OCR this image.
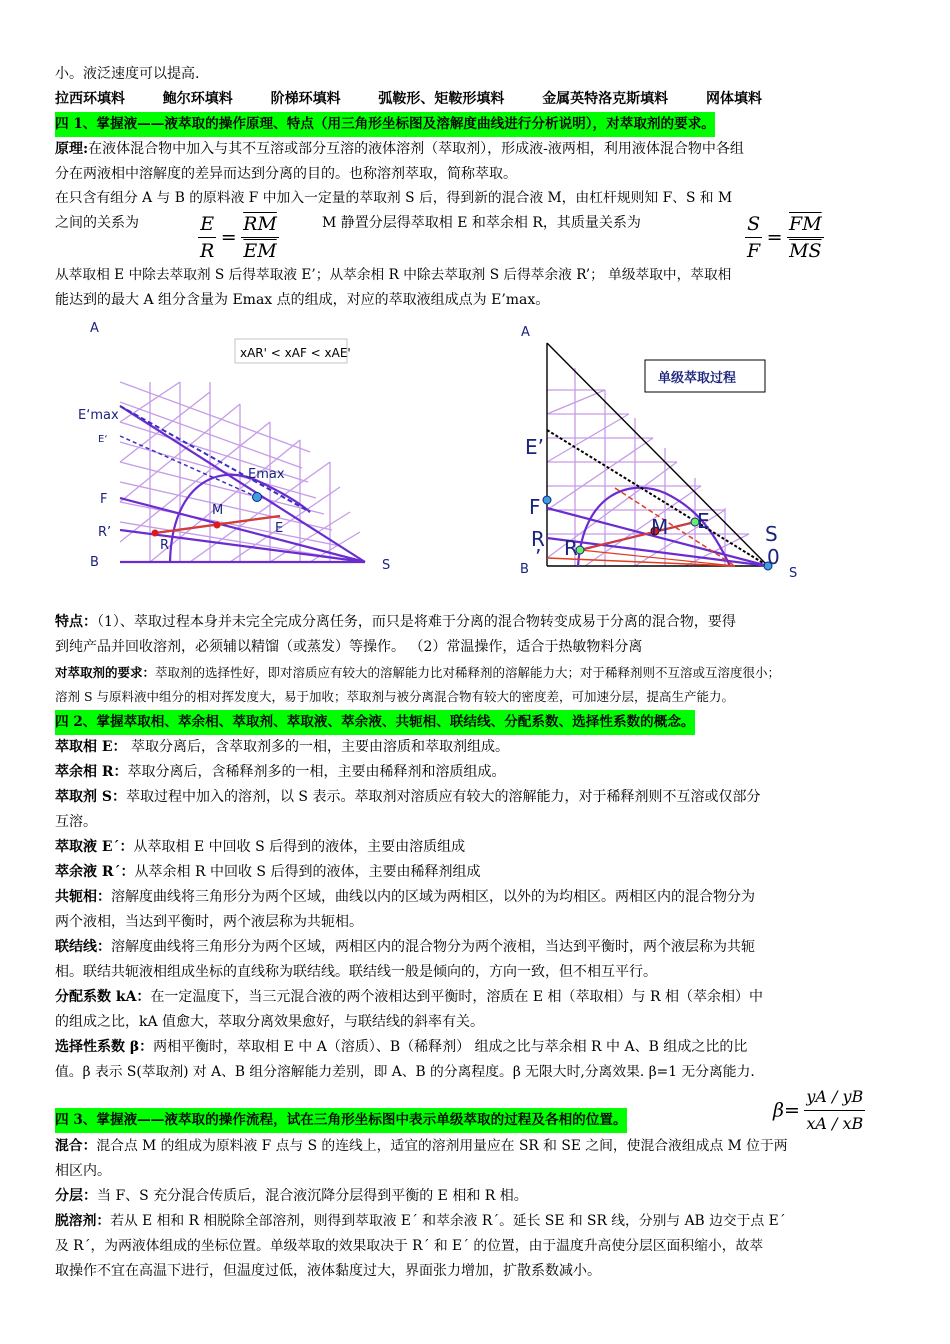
小。液泛速度可以提高.
拉西环填料	鲍尔环填料	阶梯环填料	弧鞍形、矩鞍形填料	金属英特洛克斯填料	网体填料
四 1、掌握液——液萃取的操作原理、特点（用三角形坐标图及溶解度曲线进行分析说明），对萃取剂的要求。
原理:在液体混合物中加入与其不互溶或部分互溶的液体溶剂（萃取剂），形成液-液两相，利用液体混合物中各组
分在两液相中溶解度的差异而达到分离的目的。也称溶剂萃取，简称萃取。
在只含有组分 A 与 B 的原料液 F 中加入一定量的萃取剂 S 后，得到新的混合液 M，由杠杆规则知 F、S 和 M
之间的关系为	$\frac{E}{R} = \frac{\overline{RM}}{EM}$	M 静置分层得萃取相 E 和萃余相 R，其质量关系为	$\frac{S}{F} = \frac{\overline{FM}}{MS}$
从萃取相 E 中除去萃取剂 S 后得萃取液 E’；从萃余相 R 中除去萃取剂 S 后得萃余液 R’； 单级萃取中，萃取相
能达到的最大 A 组分含量为 Emax 点的组成，对应的萃取液组成点为 E’max。
xAR' < xAF < xAE'
A
E‘max
E‘
Emax
F
M
E
R’
R
B	S
单级萃取过程
A
E’
F
M E
R R
’
B
S
0
S
特点：（1）、萃取过程本身并未完全完成分离任务，而只是将难于分离的混合物转变成易于分离的混合物，要得
到纯产品并回收溶剂，必须辅以精馏（或蒸发）等操作。 （2）常温操作，适合于热敏物料分离
对萃取剂的要求：萃取剂的选择性好，即对溶质应有较大的溶解能力比对稀释剂的溶解能力大；对于稀释剂则不互溶或互溶度很小；
溶剂 S 与原料液中组分的相对挥发度大，易于加收；萃取剂与被分离混合物有较大的密度差，可加速分层，提高生产能力。
四 2、掌握萃取相、萃余相、萃取剂、萃取液、萃余液、共轭相、联结线、分配系数、选择性系数的概念。
萃取相 E： 萃取分离后，含萃取剂多的一相，主要由溶质和萃取剂组成。
萃余相 R：萃取分离后，含稀释剂多的一相，主要由稀释剂和溶质组成。
萃取剂 S：萃取过程中加入的溶剂，以 S 表示。萃取剂对溶质应有较大的溶解能力，对于稀释剂则不互溶或仅部分
互溶。
萃取液 E´：从萃取相 E 中回收 S 后得到的液体，主要由溶质组成
萃余液 R´：从萃余相 R 中回收 S 后得到的液体，主要由稀释剂组成
共轭相：溶解度曲线将三角形分为两个区域，曲线以内的区域为两相区，以外的为均相区。两相区内的混合物分为
两个液相，当达到平衡时，两个液层称为共轭相。
联结线：溶解度曲线将三角形分为两个区域，两相区内的混合物分为两个液相，当达到平衡时，两个液层称为共轭
相。联结共轭液相组成坐标的直线称为联结线。联结线一般是倾向的，方向一致，但不相互平行。
分配系数 kA：在一定温度下，当三元混合液的两个液相达到平衡时，溶质在 E 相（萃取相）与 R 相（萃余相）中
的组成之比，kA 值愈大，萃取分离效果愈好，与联结线的斜率有关。
选择性系数 β：两相平衡时，萃取相 E 中 A（溶质）、B（稀释剂） 组成之比与萃余相 R 中 A、B 组成之比的比
值。β 表示 S(萃取剂) 对 A、B 组分溶解能力差别，即 A、B 的分离程度。β 无限大时,分离效果. β=1 无分离能力.
$\beta= \frac{yA / yB}{xA / xB}$
四 3、掌握液——液萃取的操作流程，试在三角形坐标图中表示单级萃取的过程及各相的位置。
混合：混合点 M 的组成为原料液 F 点与 S 的连线上，适宜的溶剂用量应在 SR 和 SE 之间，使混合液组成点 M 位于两
相区内。
分层：当 F、S 充分混合传质后，混合液沉降分层得到平衡的 E 相和 R 相。
脱溶剂：若从 E 相和 R 相脱除全部溶剂，则得到萃取液 E´ 和萃余液 R´。延长 SE 和 SR 线，分别与 AB 边交于点 E´
及 R´，为两液体组成的坐标位置。单级萃取的效果取决于 R´ 和 E´ 的位置，由于温度升高使分层区面积缩小，故萃
取操作不宜在高温下进行，但温度过低，液体黏度过大，界面张力增加，扩散系数减小。
